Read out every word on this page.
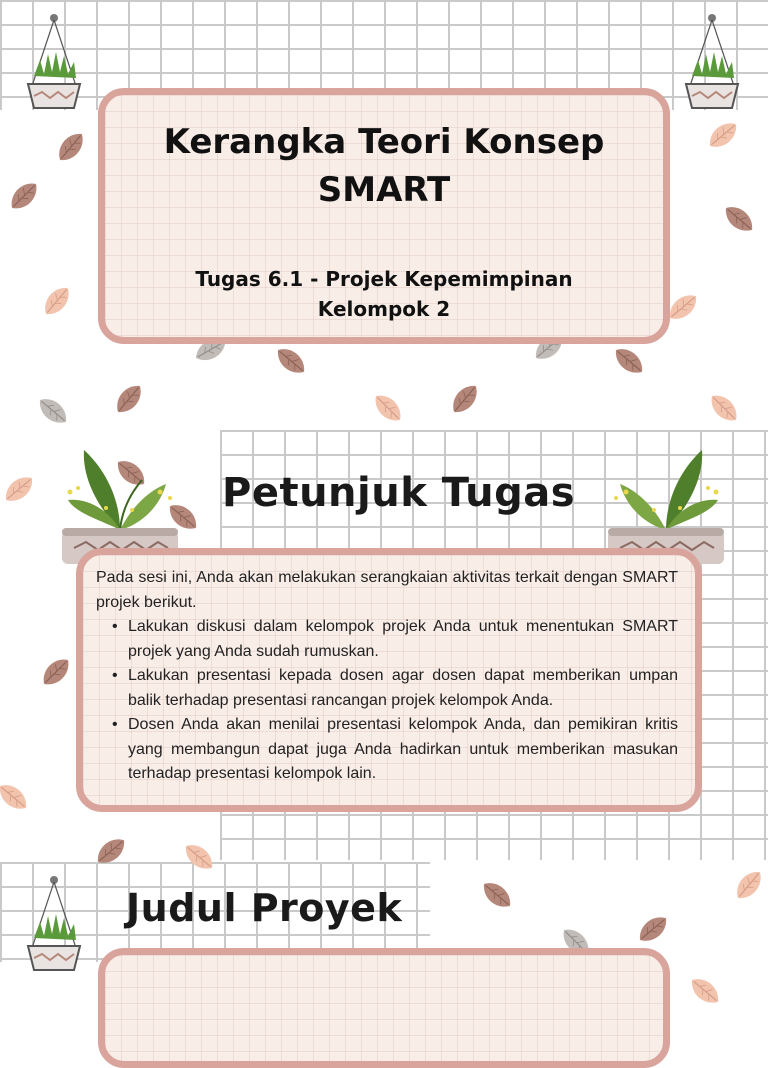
Kerangka Teori Konsep SMART
Tugas 6.1 - Projek Kepemimpinan
Kelompok 2
Petunjuk Tugas

Pada sesi ini, Anda akan melakukan serangkaian aktivitas terkait dengan SMART projek berikut.

• Lakukan diskusi dalam kelompok projek Anda untuk menentukan SMART projek yang Anda sudah rumuskan.
• Lakukan presentasi kepada dosen agar dosen dapat memberikan umpan balik terhadap presentasi rancangan projek kelompok Anda.
• Dosen Anda akan menilai presentasi kelompok Anda, dan pemikiran kritis yang membangun dapat juga Anda hadirkan untuk memberikan masukan terhadap presentasi kelompok lain.
Judul Proyek
